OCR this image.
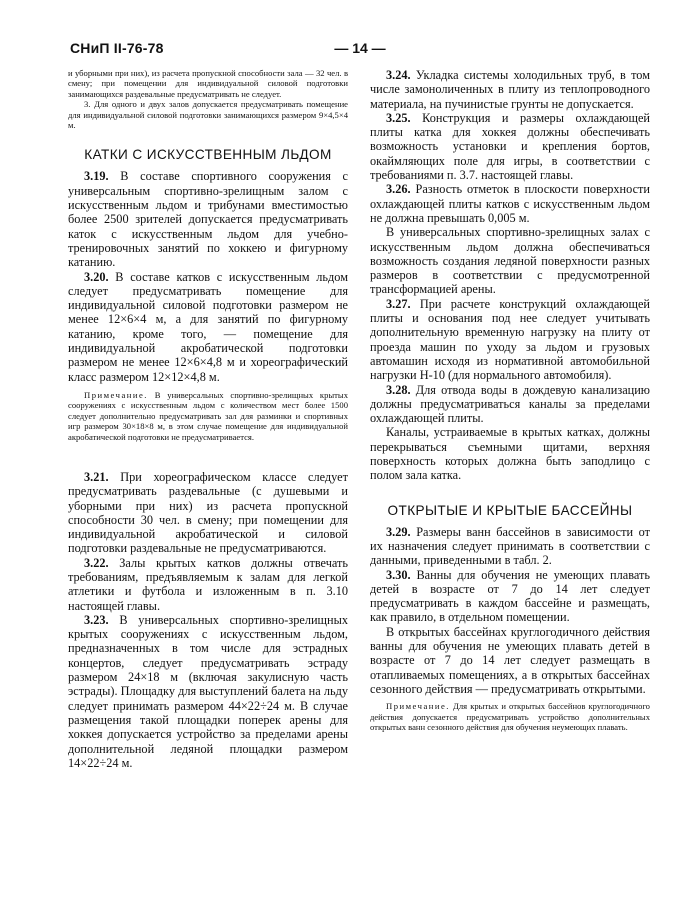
СНиП II-76-78	— 14 —

и уборными при них), из расчета пропускной способности зала — 32 чел. в смену; при помещении для индивидуальной силовой подготовки занимающихся раздевальные предусматривать не следует.

3. Для одного и двух залов допускается предусматривать помещение для индивидуальной силовой подготовки занимающихся размером 9×4,5×4 м.

КАТКИ С ИСКУССТВЕННЫМ ЛЬДОМ

3.19. В составе спортивного сооружения с универсальным спортивно-зрелищным залом с искусственным льдом и трибунами вместимостью более 2500 зрителей допускается предусматривать каток с искусственным льдом для учебно-тренировочных занятий по хоккею и фигурному катанию.

3.20. В составе катков с искусственным льдом следует предусматривать помещение для индивидуальной силовой подготовки размером не менее 12×6×4 м, а для занятий по фигурному катанию, кроме того, — помещение для индивидуальной акробатической подготовки размером не менее 12×6×4,8 м и хореографический класс размером 12×12×4,8 м.

Примечание. В универсальных спортивно-зрелищных крытых сооружениях с искусственным льдом с количеством мест более 1500 следует дополнительно предусматривать зал для разминки и спортивных игр размером 30×18×8 м, в этом случае помещение для индивидуальной акробатической подготовки не предусматривается.

3.21. При хореографическом классе следует предусматривать раздевальные (с душевыми и уборными при них) из расчета пропускной способности 30 чел. в смену; при помещении для индивидуальной акробатической и силовой подготовки раздевальные не предусматриваются.

3.22. Залы крытых катков должны отвечать требованиям, предъявляемым к залам для легкой атлетики и футбола и изложенным в п. 3.10 настоящей главы.

3.23. В универсальных спортивно-зрелищных крытых сооружениях с искусственным льдом, предназначенных в том числе для эстрадных концертов, следует предусматривать эстраду размером 24×18 м (включая закулисную часть эстрады). Площадку для выступлений балета на льду следует принимать размером 44×22÷24 м. В случае размещения такой площадки поперек арены для хоккея допускается устройство за пределами арены дополнительной ледяной площадки размером 14×22÷24 м.

3.24. Укладка системы холодильных труб, в том числе замоноличенных в плиту из теплопроводного материала, на пучинистые грунты не допускается.

3.25. Конструкция и размеры охлаждающей плиты катка для хоккея должны обеспечивать возможность установки и крепления бортов, окаймляющих поле для игры, в соответствии с требованиями п. 3.7. настоящей главы.

3.26. Разность отметок в плоскости поверхности охлаждающей плиты катков с искусственным льдом не должна превышать 0,005 м.

В универсальных спортивно-зрелищных залах с искусственным льдом должна обеспечиваться возможность создания ледяной поверхности разных размеров в соответствии с предусмотренной трансформацией арены.

3.27. При расчете конструкций охлаждающей плиты и основания под нее следует учитывать дополнительную временную нагрузку на плиту от проезда машин по уходу за льдом и грузовых автомашин исходя из нормативной автомобильной нагрузки Н-10 (для нормального автомобиля).

3.28. Для отвода воды в дождевую канализацию должны предусматриваться каналы за пределами охлаждающей плиты.

Каналы, устраиваемые в крытых катках, должны перекрываться съемными щитами, верхняя поверхность которых должна быть заподлицо с полом зала катка.

ОТКРЫТЫЕ И КРЫТЫЕ БАССЕЙНЫ

3.29. Размеры ванн бассейнов в зависимости от их назначения следует принимать в соответствии с данными, приведенными в табл. 2.

3.30. Ванны для обучения не умеющих плавать детей в возрасте от 7 до 14 лет следует предусматривать в каждом бассейне и размещать, как правило, в отдельном помещении.

В открытых бассейнах круглогодичного действия ванны для обучения не умеющих плавать детей в возрасте от 7 до 14 лет следует размещать в отапливаемых помещениях, а в открытых бассейнах сезонного действия — предусматривать открытыми.

Примечание. Для крытых и открытых бассейнов круглогодичного действия допускается предусматривать устройство дополнительных открытых ванн сезонного действия для обучения неумеющих плавать.
